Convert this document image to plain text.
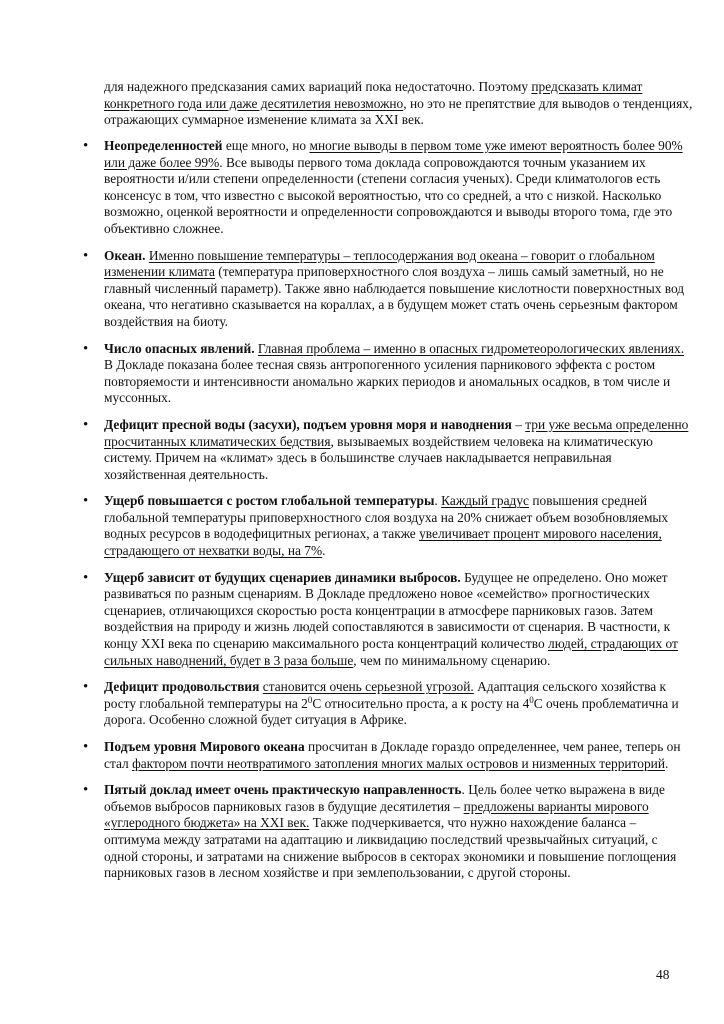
для надежного предсказания самих вариаций пока недостаточно. Поэтому предсказать климат конкретного года или даже десятилетия невозможно, но это не препятствие для выводов о тенденциях, отражающих суммарное изменение климата за XXI век.

• Неопределенностей еще много, но многие выводы в первом томе уже имеют вероятность более 90% или даже более 99%. Все выводы первого тома доклада сопровождаются точным указанием их вероятности и/или степени определенности (степени согласия ученых). Среди климатологов есть консенсус в том, что известно с высокой вероятностью, что со средней, а что с низкой. Насколько возможно, оценкой вероятности и определенности сопровождаются и выводы второго тома, где это объективно сложнее.
• Океан. Именно повышение температуры – теплосодержания вод океана – говорит о глобальном изменении климата (температура приповерхностного слоя воздуха – лишь самый заметный, но не главный численный параметр). Также явно наблюдается повышение кислотности поверхностных вод океана, что негативно сказывается на кораллах, а в будущем может стать очень серьезным фактором воздействия на биоту.
• Число опасных явлений. Главная проблема – именно в опасных гидрометеорологических явлениях. В Докладе показана более тесная связь антропогенного усиления парникового эффекта с ростом повторяемости и интенсивности аномально жарких периодов и аномальных осадков, в том числе и муссонных.
• Дефицит пресной воды (засухи), подъем уровня моря и наводнения – три уже весьма определенно просчитанных климатических бедствия, вызываемых воздействием человека на климатическую систему. Причем на «климат» здесь в большинстве случаев накладывается неправильная хозяйственная деятельность.
• Ущерб повышается с ростом глобальной температуры. Каждый градус повышения средней глобальной температуры приповерхностного слоя воздуха на 20% снижает объем возобновляемых водных ресурсов в вододефицитных регионах, а также увеличивает процент мирового населения, страдающего от нехватки воды, на 7%.
• Ущерб зависит от будущих сценариев динамики выбросов. Будущее не определено. Оно может развиваться по разным сценариям. В Докладе предложено новое «семейство» прогностических сценариев, отличающихся скоростью роста концентрации в атмосфере парниковых газов. Затем воздействия на природу и жизнь людей сопоставляются в зависимости от сценария. В частности, к концу XXI века по сценарию максимального роста концентраций количество людей, страдающих от сильных наводнений, будет в 3 раза больше, чем по минимальному сценарию.
• Дефицит продовольствия становится очень серьезной угрозой. Адаптация сельского хозяйства к росту глобальной температуры на $2^0С$ относительно проста, а к росту на $4^0С$ очень проблематична и дорога. Особенно сложной будет ситуация в Африке.
• Подъем уровня Мирового океана просчитан в Докладе гораздо определеннее, чем ранее, теперь он стал фактором почти неотвратимого затопления многих малых островов и низменных территорий.
• Пятый доклад имеет очень практическую направленность. Цель более четко выражена в виде объемов выбросов парниковых газов в будущие десятилетия – предложены варианты мирового «углеродного бюджета» на XXI век. Также подчеркивается, что нужно нахождение баланса – оптимума между затратами на адаптацию и ликвидацию последствий чрезвычайных ситуаций, с одной стороны, и затратами на снижение выбросов в секторах экономики и повышение поглощения парниковых газов в лесном хозяйстве и при землепользовании, с другой стороны.
48
